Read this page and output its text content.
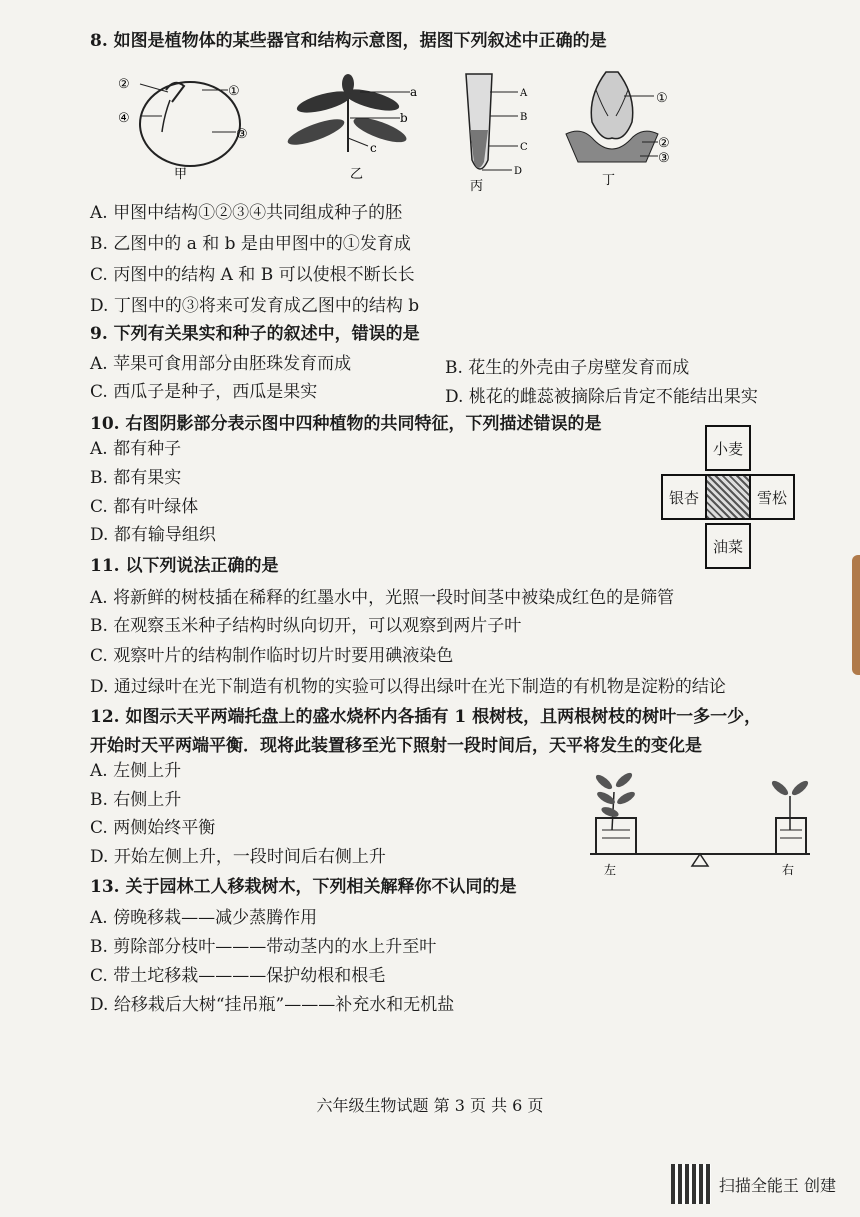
8. 如图是植物体的某些器官和结构示意图，据图下列叙述中正确的是
②
④
①
③
甲
a
b
c
乙
A
B
C
D
丙
①
②
③
丁
A. 甲图中结构①②③④共同组成种子的胚
B. 乙图中的 a 和 b 是由甲图中的①发育成
C. 丙图中的结构 A 和 B 可以使根不断长长
D. 丁图中的③将来可发育成乙图中的结构 b
9. 下列有关果实和种子的叙述中，错误的是
A. 苹果可食用部分由胚珠发育而成	B. 花生的外壳由子房壁发育而成
C. 西瓜子是种子，西瓜是果实	D. 桃花的雌蕊被摘除后肯定不能结出果实
10. 右图阴影部分表示图中四种植物的共同特征，下列描述错误的是
A. 都有种子
B. 都有果实
C. 都有叶绿体
D. 都有输导组织
小麦
银杏	雪松
油菜
11. 以下列说法正确的是
A. 将新鲜的树枝插在稀释的红墨水中，光照一段时间茎中被染成红色的是筛管
B. 在观察玉米种子结构时纵向切开，可以观察到两片子叶
C. 观察叶片的结构制作临时切片时要用碘液染色
D. 通过绿叶在光下制造有机物的实验可以得出绿叶在光下制造的有机物是淀粉的结论
12. 如图示天平两端托盘上的盛水烧杯内各插有 1 根树枝，且两根树枝的树叶一多一少，
开始时天平两端平衡．现将此装置移至光下照射一段时间后，天平将发生的变化是
A. 左侧上升
B. 右侧上升
C. 两侧始终平衡
D. 开始左侧上升，一段时间后右侧上升
左	右
13. 关于园林工人移栽树木，下列相关解释你不认同的是
A. 傍晚移栽——减少蒸腾作用
B. 剪除部分枝叶———带动茎内的水上升至叶
C. 带土坨移栽————保护幼根和根毛
D. 给移栽后大树“挂吊瓶”———补充水和无机盐
六年级生物试题 第 3 页 共 6 页
扫描全能王 创建
